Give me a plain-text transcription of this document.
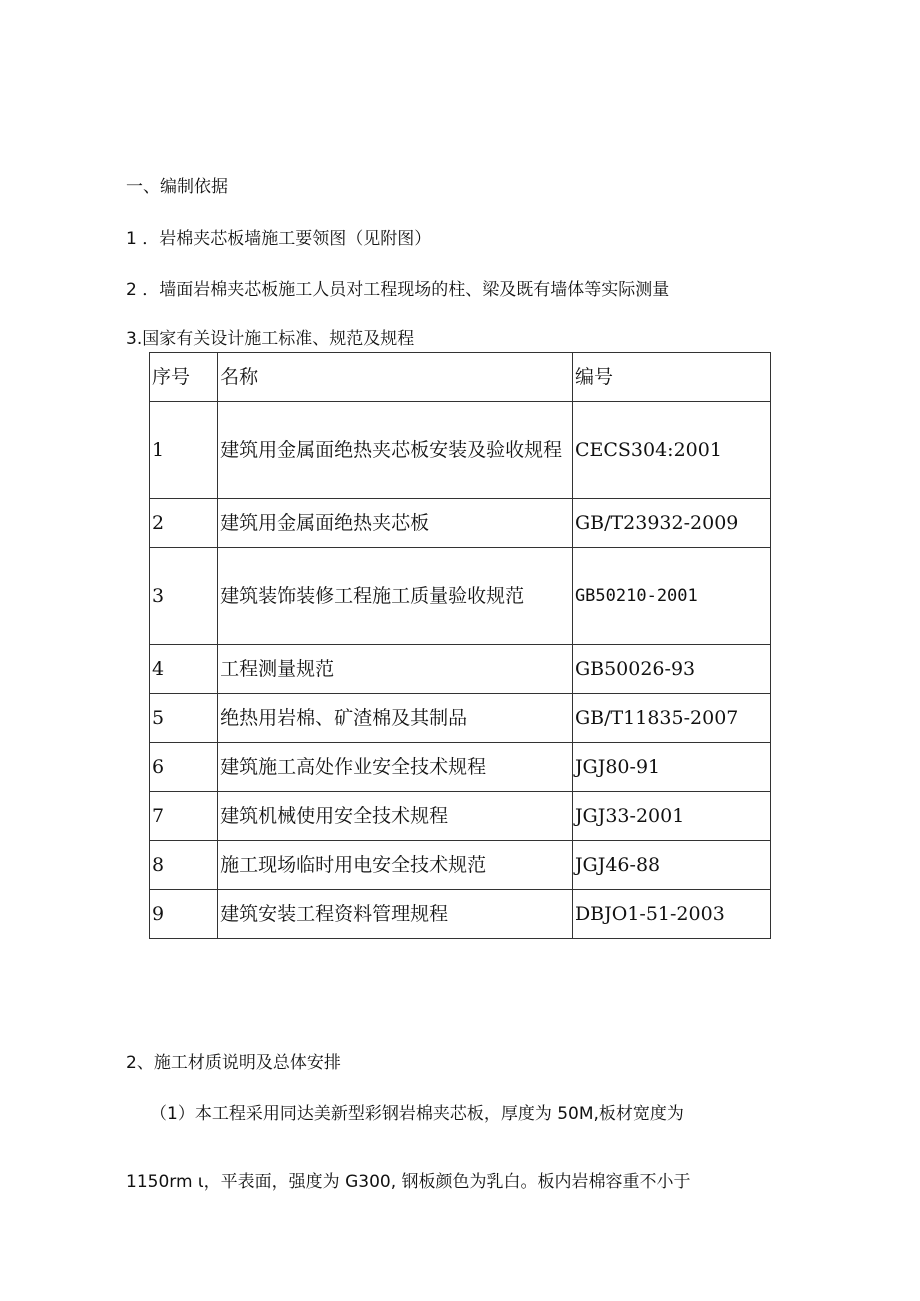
一、编制依据
1 ．岩棉夹芯板墙施工要领图（见附图）
2 ．墙面岩棉夹芯板施工人员对工程现场的柱、梁及既有墙体等实际测量
3.国家有关设计施工标准、规范及规程
序号	名称	编号
1	建筑用金属面绝热夹芯板安装及验收规程	CECS304:2001
2	建筑用金属面绝热夹芯板	GB/T23932-2009
3	建筑装饰装修工程施工质量验收规范	GB50210-2001
4	工程测量规范	GB50026-93
5	绝热用岩棉、矿渣棉及其制品	GB/T11835-2007
6	建筑施工高处作业安全技术规程	JGJ80-91
7	建筑机械使用安全技术规程	JGJ33-2001
8	施工现场临时用电安全技术规范	JGJ46-88
9	建筑安装工程资料管理规程	DBJO1-51-2003
2、施工材质说明及总体安排
（1）本工程采用同达美新型彩钢岩棉夹芯板，厚度为 50M,板材宽度为
1150rm ι，平表面，强度为 G300, 钢板颜色为乳白。板内岩棉容重不小于
